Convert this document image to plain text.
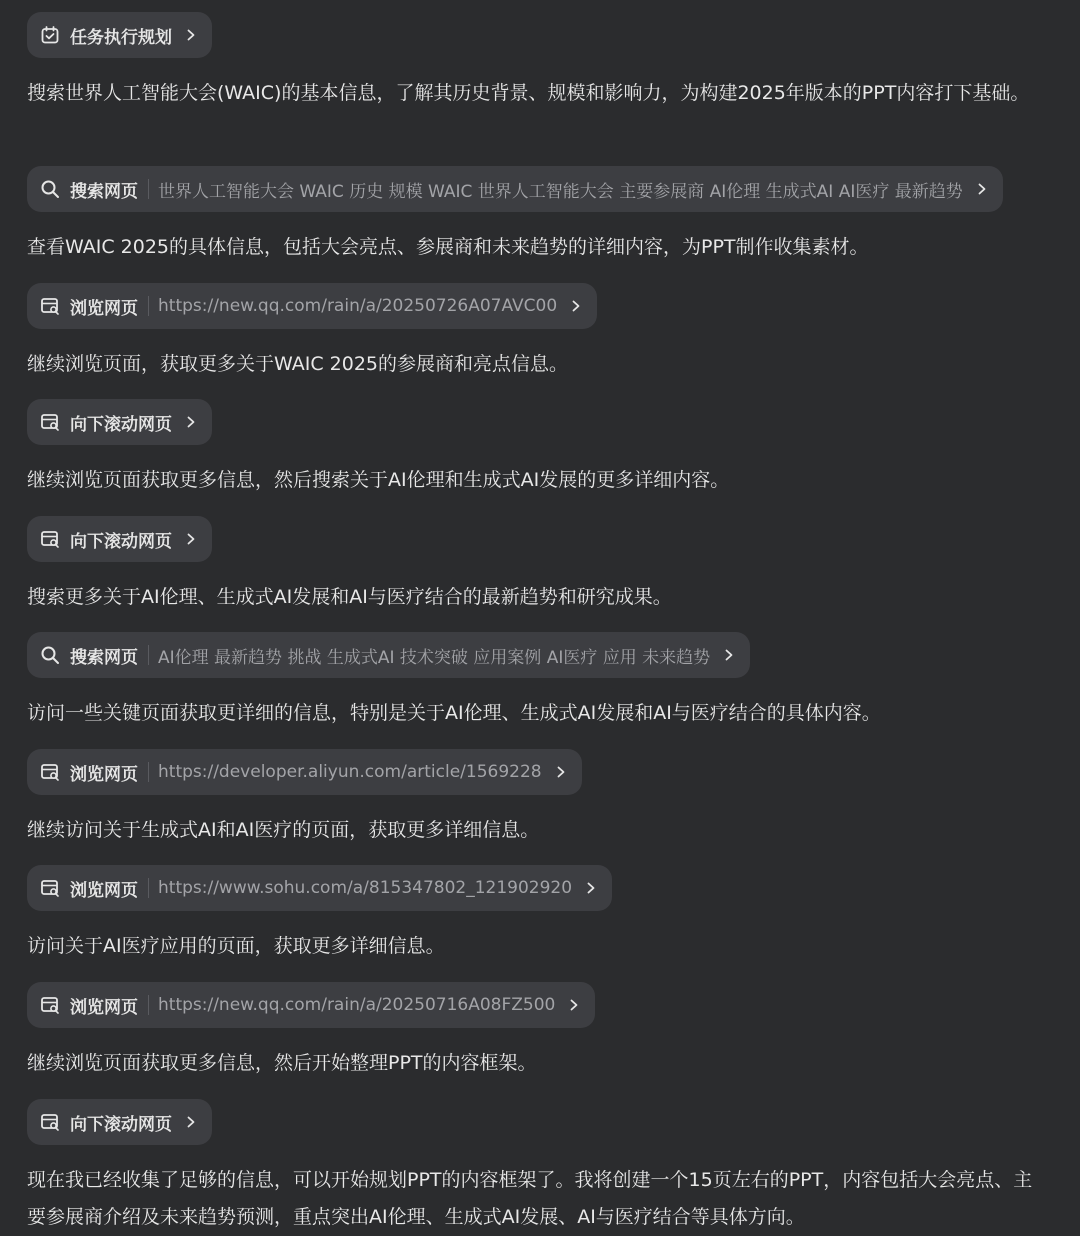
任务执行规划
搜索世界人工智能大会(WAIC)的基本信息，了解其历史背景、规模和影响力，为构建2025年版本的PPT内容打下基础。
搜索网页 世界人工智能大会 WAIC 历史 规模 WAIC 世界人工智能大会 主要参展商 AI伦理 生成式AI AI医疗 最新趋势
查看WAIC 2025的具体信息，包括大会亮点、参展商和未来趋势的详细内容，为PPT制作收集素材。
浏览网页 https://new.qq.com/rain/a/20250726A07AVC00
继续浏览页面，获取更多关于WAIC 2025的参展商和亮点信息。
向下滚动网页
继续浏览页面获取更多信息，然后搜索关于AI伦理和生成式AI发展的更多详细内容。
向下滚动网页
搜索更多关于AI伦理、生成式AI发展和AI与医疗结合的最新趋势和研究成果。
搜索网页 AI伦理 最新趋势 挑战 生成式AI 技术突破 应用案例 AI医疗 应用 未来趋势
访问一些关键页面获取更详细的信息，特别是关于AI伦理、生成式AI发展和AI与医疗结合的具体内容。
浏览网页 https://developer.aliyun.com/article/1569228
继续访问关于生成式AI和AI医疗的页面，获取更多详细信息。
浏览网页 https://www.sohu.com/a/815347802_121902920
访问关于AI医疗应用的页面，获取更多详细信息。
浏览网页 https://new.qq.com/rain/a/20250716A08FZ500
继续浏览页面获取更多信息，然后开始整理PPT的内容框架。
向下滚动网页
现在我已经收集了足够的信息，可以开始规划PPT的内容框架了。我将创建一个15页左右的PPT，内容包括大会亮点、主要参展商介绍及未来趋势预测，重点突出AI伦理、生成式AI发展、AI与医疗结合等具体方向。
